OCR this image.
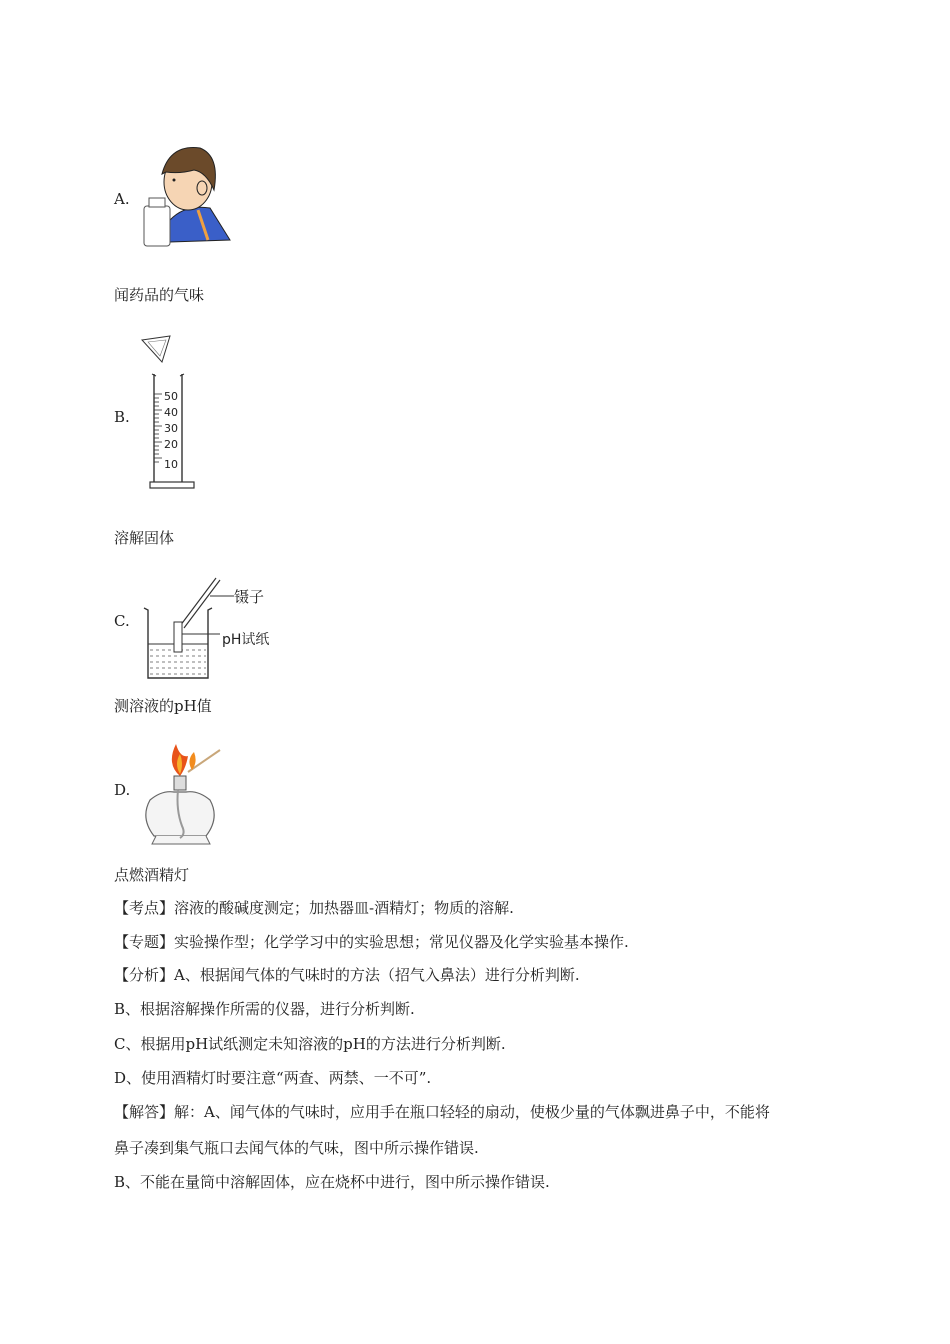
A.
闻药品的气味
B.
50
40
30
20
10
溶解固体
C.
镊子
pH试纸
测溶液的pH值
D.
点燃酒精灯
【考点】溶液的酸碱度测定；加热器皿-酒精灯；物质的溶解.
【专题】实验操作型；化学学习中的实验思想；常见仪器及化学实验基本操作.
【分析】A、根据闻气体的气味时的方法（招气入鼻法）进行分析判断.
B、根据溶解操作所需的仪器，进行分析判断.
C、根据用pH试纸测定未知溶液的pH的方法进行分析判断.
D、使用酒精灯时要注意“两查、两禁、一不可”.
【解答】解：A、闻气体的气味时，应用手在瓶口轻轻的扇动，使极少量的气体飘进鼻子中，不能将
鼻子凑到集气瓶口去闻气体的气味，图中所示操作错误.
B、不能在量筒中溶解固体，应在烧杯中进行，图中所示操作错误.
